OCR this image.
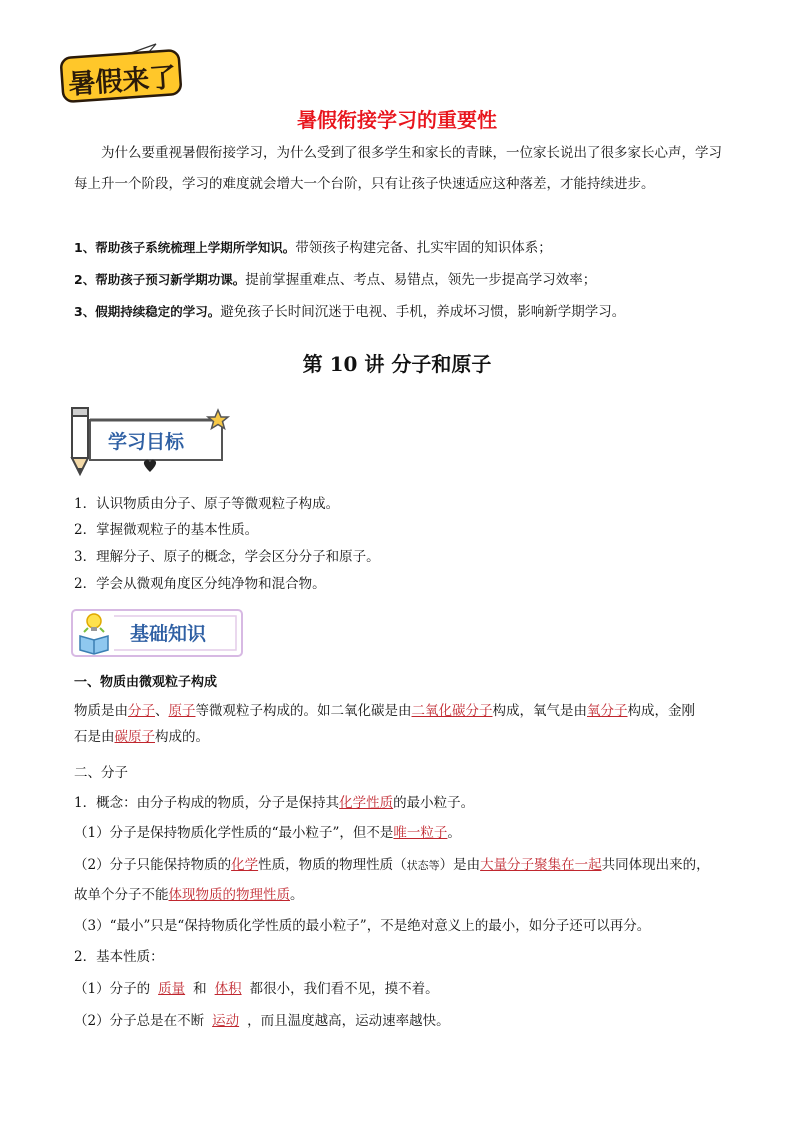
暑假来了
暑假衔接学习的重要性
为什么要重视暑假衔接学习，为什么受到了很多学生和家长的青睐，一位家长说出了很多家长心声，学习每上升一个阶段，学习的难度就会增大一个台阶，只有让孩子快速适应这种落差，才能持续进步。
1、帮助孩子系统梳理上学期所学知识。带领孩子构建完备、扎实牢固的知识体系；
2、帮助孩子预习新学期功课。提前掌握重难点、考点、易错点，领先一步提高学习效率；
3、假期持续稳定的学习。避免孩子长时间沉迷于电视、手机，养成坏习惯，影响新学期学习。
第 10 讲 分子和原子
学习目标
1．认识物质由分子、原子等微观粒子构成。
2．掌握微观粒子的基本性质。
3．理解分子、原子的概念，学会区分分子和原子。
2．学会从微观角度区分纯净物和混合物。
基础知识
一、物质由微观粒子构成
物质是由分子、原子等微观粒子构成的。如二氧化碳是由二氧化碳分子构成，氧气是由氧分子构成，金刚
石是由碳原子构成的。
二、分子
1．概念：由分子构成的物质，分子是保持其化学性质的最小粒子。
（1）分子是保持物质化学性质的“最小粒子”，但不是唯一粒子。
（2）分子只能保持物质的化学性质，物质的物理性质（状态等）是由大量分子聚集在一起共同体现出来的，
故单个分子不能体现物质的物理性质。
（3）“最小”只是“保持物质化学性质的最小粒子”，不是绝对意义上的最小，如分子还可以再分。
2．基本性质：
（1）分子的 质量 和 体积 都很小，我们看不见，摸不着。
（2）分子总是在不断 运动 ，而且温度越高，运动速率越快。
